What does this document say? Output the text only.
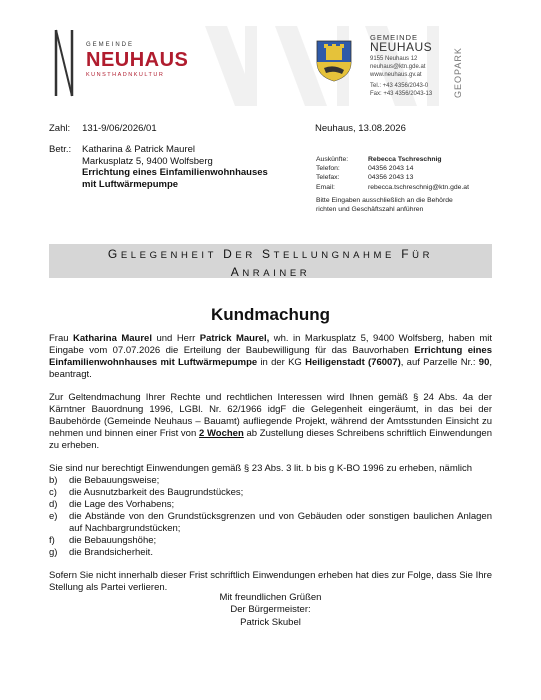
GEMEINDE
NEUHAUS
KUNSTHADNKULTUR
GEMEINDE
NEUHAUS
9155 Neuhaus 12
neuhaus@ktn.gde.at
www.neuhaus.gv.at
Tel.: +43 4356/2043-0
Fax: +43 4356/2043-13 GEOPARK
Zahl: 131-9/06/2026/01	Neuhaus, 13.08.2026
Betr.: Katharina & Patrick Maurel
Markusplatz 5, 9400 Wolfsberg
Errichtung eines Einfamilienwohnhauses
mit Luftwärmepumpe
Auskünfte:	Rebecca Tschreschnig
Telefon:	04356 2043 14
Telefax:	04356 2043 13
Email:	rebecca.tschreschnig@ktn.gde.at
Bitte Eingaben ausschließlich an die Behörde
richten und Geschäftszahl anführen
GELEGENHEIT DER STELLUNGNAHME FÜR
ANRAINER
Kundmachung

Frau Katharina Maurel und Herr Patrick Maurel, wh. in Markusplatz 5, 9400 Wolfsberg, haben mit Eingabe vom 07.07.2026 die Erteilung der Baubewilligung für das Bauvorhaben Errichtung eines Einfamilienwohnhauses mit Luftwärmepumpe in der KG Heiligenstadt (76007), auf Parzelle Nr.: 90, beantragt.

Zur Geltendmachung Ihrer Rechte und rechtlichen Interessen wird Ihnen gemäß § 24 Abs. 4a der Kärntner Bauordnung 1996, LGBl. Nr. 62/1966 idgF die Gelegenheit eingeräumt, in das bei der Baubehörde (Gemeinde Neuhaus – Bauamt) aufliegende Projekt, während der Amtsstunden Einsicht zu nehmen und binnen einer Frist von 2 Wochen ab Zustellung dieses Schreibens schriftlich Einwendungen zu erheben.

Sie sind nur berechtigt Einwendungen gemäß § 23 Abs. 3 lit. b bis g K-BO 1996 zu erheben, nämlich
b)	die Bebauungsweise;
c)	die Ausnutzbarkeit des Baugrundstückes;
d)	die Lage des Vorhabens;
e)	die Abstände von den Grundstücksgrenzen und von Gebäuden oder sonstigen baulichen Anlagen auf Nachbargrundstücken;
f)	die Bebauungshöhe;
g)	die Brandsicherheit.

Sofern Sie nicht innerhalb dieser Frist schriftlich Einwendungen erheben hat dies zur Folge, dass Sie Ihre Stellung als Partei verlieren.

Mit freundlichen Grüßen
Der Bürgermeister:
Patrick Skubel
